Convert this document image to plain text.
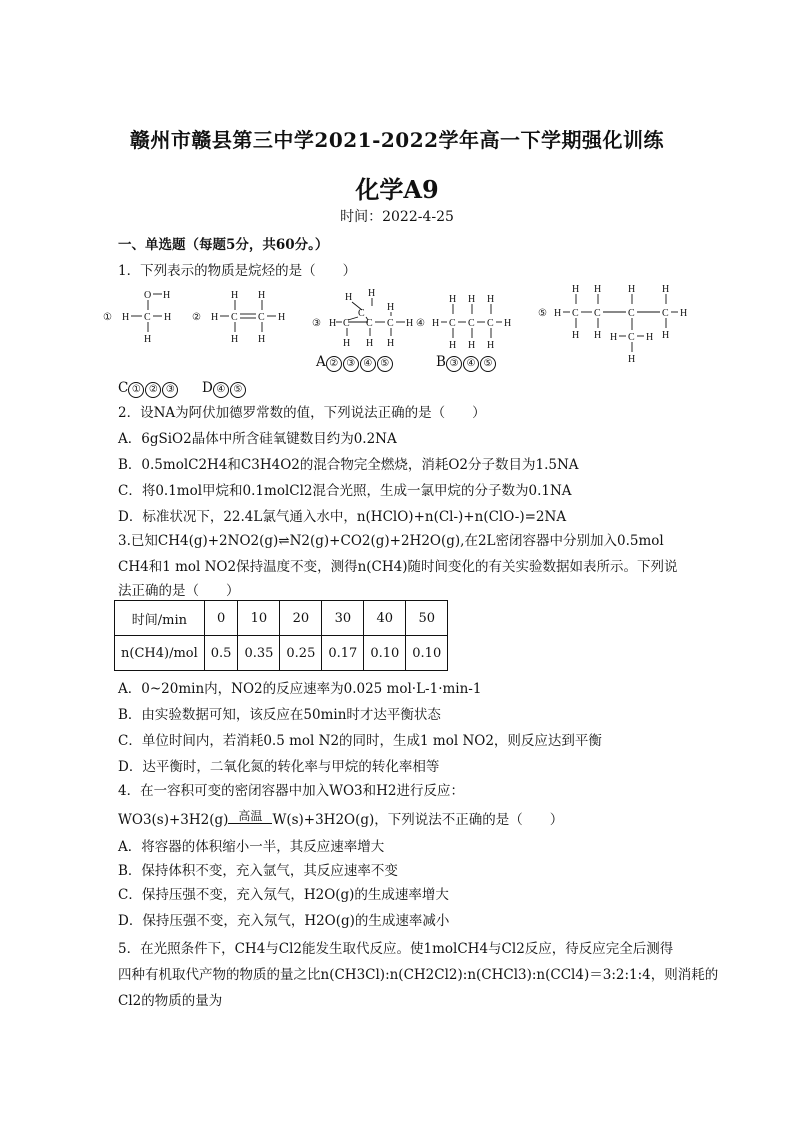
赣州市赣县第三中学2021-2022学年高一下学期强化训练
化学A9
时间：2022-4-25
一、单选题（每题5分，共60分。）
1．下列表示的物质是烷烃的是（　　）
①
O H
H C H
H
②
H H
H C C H
H H
③
H H
C
H C C C H
H
H H H
④ H C C C H
H H H
H H H
⑤ H C C	C	C H
H H	H	H
H H	H
H C H
H
A ② ③ ④ ⑤	B ③ ④ ⑤
C ① ② ③	D ④ ⑤
2．设NA为阿伏加德罗常数的值，下列说法正确的是（　　）
A．6gSiO2晶体中所含硅氧键数目约为0.2NA
B．0.5molC2H4和C3H4O2的混合物完全燃烧，消耗O2分子数目为1.5NA
C．将0.1mol甲烷和0.1molCl2混合光照，生成一氯甲烷的分子数为0.1NA
D．标准状况下，22.4L氯气通入水中，n(HClO)+n(Cl-)+n(ClO-)=2NA
3.已知CH4(g)+2NO2(g)⇌N2(g)+CO2(g)+2H2O(g),在2L密闭容器中分别加入0.5mol
CH4和1 mol NO2保持温度不变，测得n(CH4)随时间变化的有关实验数据如表所示。下列说
法正确的是（　　）
时间/min	0	10	20	30	40	50
n(CH4)/mol	0.5	0.35	0.25	0.17	0.10	0.10
A．0~20min内，NO2的反应速率为0.025 mol·L-1·min-1
B．由实验数据可知，该反应在50min时才达平衡状态
C．单位时间内，若消耗0.5 mol N2的同时，生成1 mol NO2，则反应达到平衡
D．达平衡时，二氧化氮的转化率与甲烷的转化率相等
4．在一容积可变的密闭容器中加入WO3和H2进行反应：
WO3(s)+3H2(g) 高温 W(s)+3H2O(g)，下列说法不正确的是（　　）
A．将容器的体积缩小一半，其反应速率增大
B．保持体积不变，充入氩气，其反应速率不变
C．保持压强不变，充入氖气，H2O(g)的生成速率增大
D．保持压强不变，充入氖气，H2O(g)的生成速率减小
5．在光照条件下，CH4与Cl2能发生取代反应。使1molCH4与Cl2反应，待反应完全后测得
四种有机取代产物的物质的量之比n(CH3Cl):n(CH2Cl2):n(CHCl3):n(CCl4)＝3:2:1:4，则消耗的
Cl2的物质的量为
